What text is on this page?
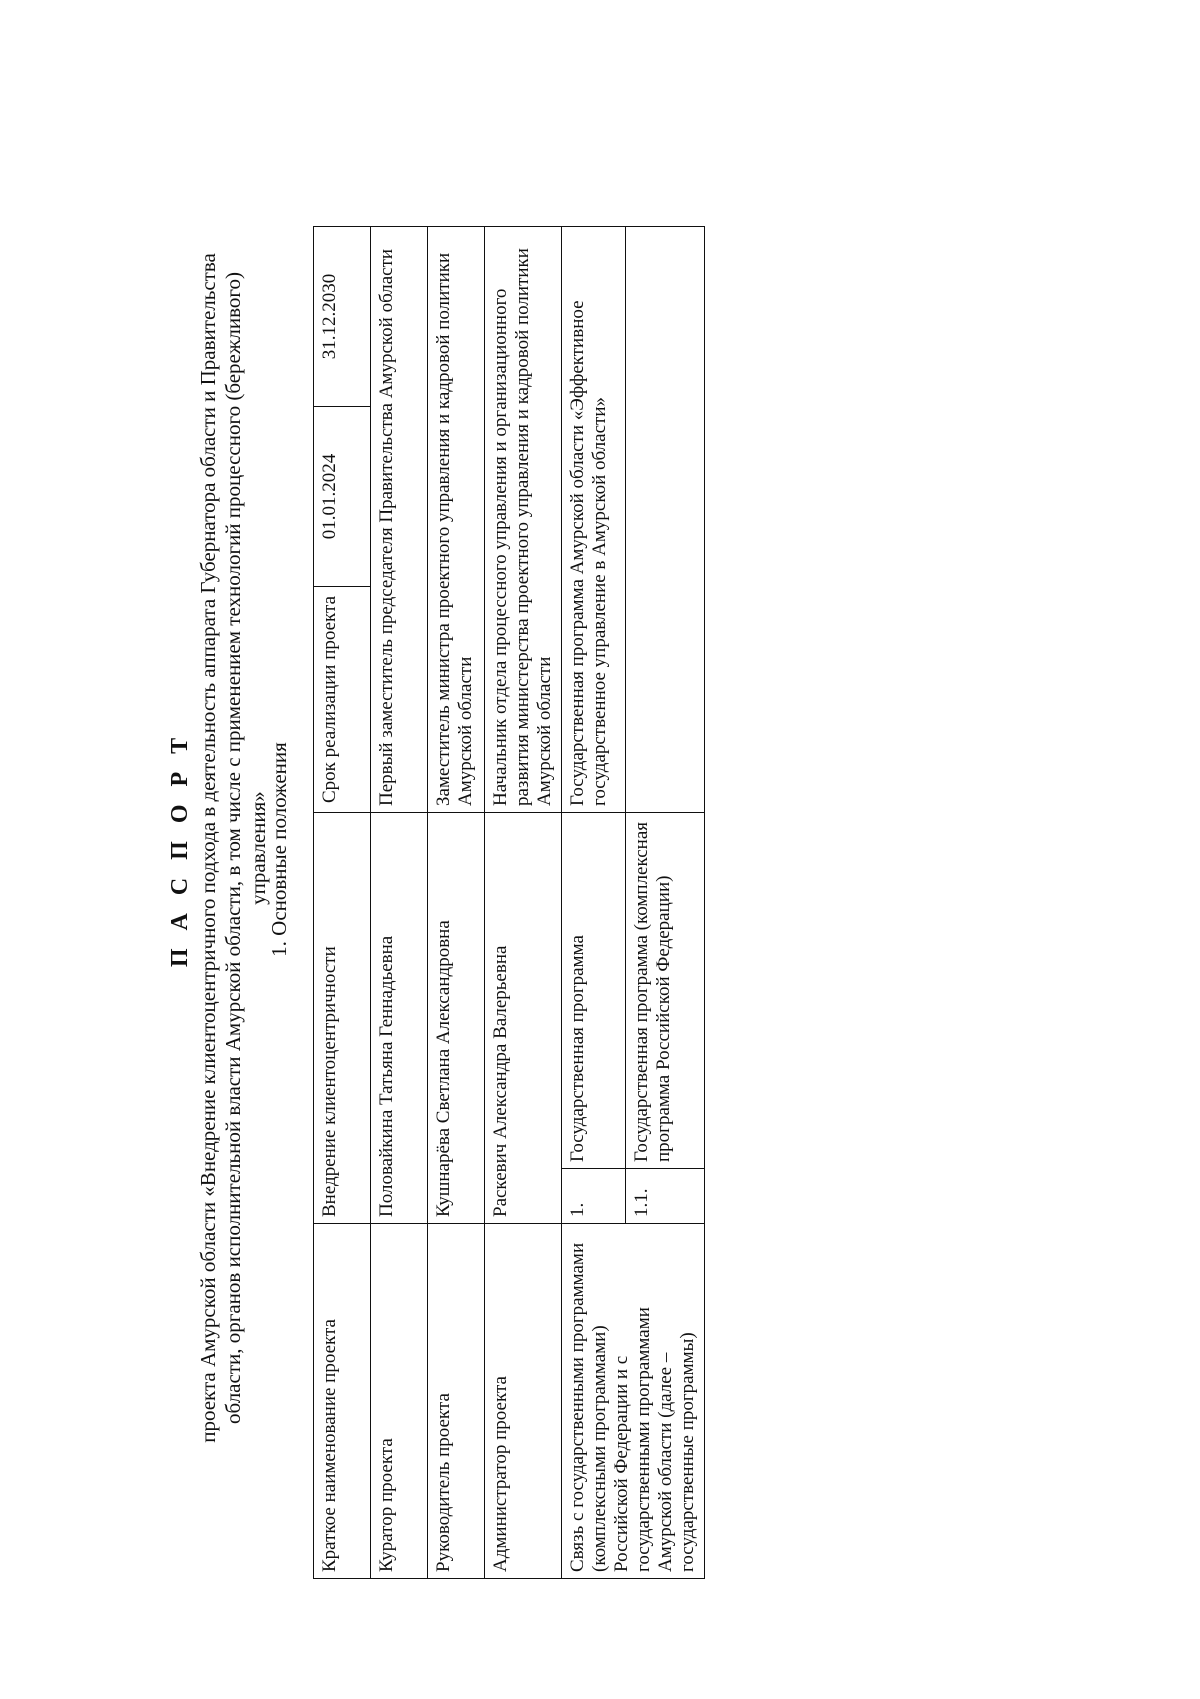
П А С П О Р Т проекта Амурской области «Внедрение клиентоцентричного подхода в деятельность аппарата Губернатора области и Правительства области, органов исполнительной власти Амурской области, в том числе с применением технологий процессного (бережливого) управления»
1. Основные положения
Краткое наименование проекта	Внедрение клиентоцентричности		Срок реализации проекта	01.01.2024	31.12.2030
Куратор проекта	Половайкина Татьяна Геннадьевна		Первый заместитель председателя Правительства Амурской области		
Руководитель проекта	Кушнарёва Светлана Александровна		Заместитель министра проектного управления и кадровой политики Амурской области		
Администратор проекта	Раскевич Александра Валерьевна		Начальник отдела процессного управления и организационного развития министерства проектного управления и кадровой политики Амурской области		
Связь с государственными программами (комплексными программами) Российской Федерации и с государственными программами Амурской области (далее – государственные программы)	1.	Государственная программа	Государственная программа Амурской области «Эффективное государственное управление в Амурской области»		
	1.1.	Государственная программа (комплексная программа Российской Федерации)			
